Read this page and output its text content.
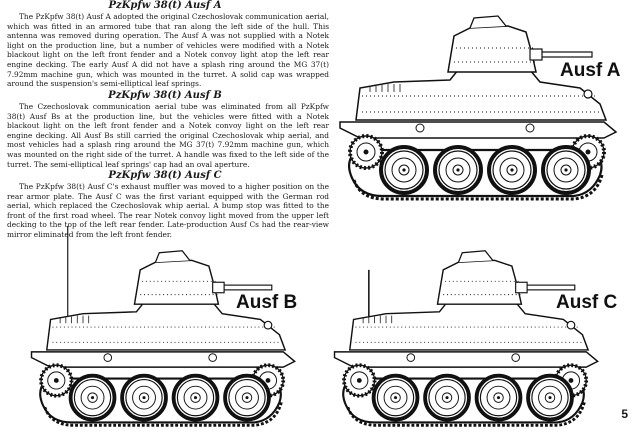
PzKpfw 38(t) Ausf A
The PzKpfw 38(t) Ausf A adopted the original Czechoslovak communication aerial, which was fitted in an armored tube that ran along the left side of the hull. This antenna was removed during operation. The Ausf A was not supplied with a Notek light on the production line, but a number of vehicles were modified with a Notek blackout light on the left front fender and a Notek convoy light atop the left rear engine decking. The early Ausf A did not have a splash ring around the MG 37(t) 7.92mm machine gun, which was mounted in the turret. A solid cap was wrapped around the suspension's semi-elliptical leaf springs.
PzKpfw 38(t) Ausf B
The Czechoslovak communication aerial tube was eliminated from all PzKpfw 38(t) Ausf Bs at the production line, but the vehicles were fitted with a Notek blackout light on the left front fender and a Notek convoy light on the left rear engine decking. All Ausf Bs still carried the original Czechoslovak whip aerial, and most vehicles had a splash ring around the MG 37(t) 7.92mm machine gun, which was mounted on the right side of the turret. A handle was fixed to the left side of the turret. The semi-elliptical leaf springs' cap had an oval aperture.
PzKpfw 38(t) Ausf C
The PzKpfw 38(t) Ausf C's exhaust muffler was moved to a higher position on the rear armor plate. The Ausf C was the first variant equipped with the German rod aerial, which replaced the Czechoslovak whip aerial. A bump stop was fitted to the front of the first road wheel. The rear Notek convoy light moved from the upper left decking to the top of the left rear fender. Late-production Ausf Cs had the rear-view mirror eliminated from the left front fender.
Ausf A
Ausf B	Ausf C
5
